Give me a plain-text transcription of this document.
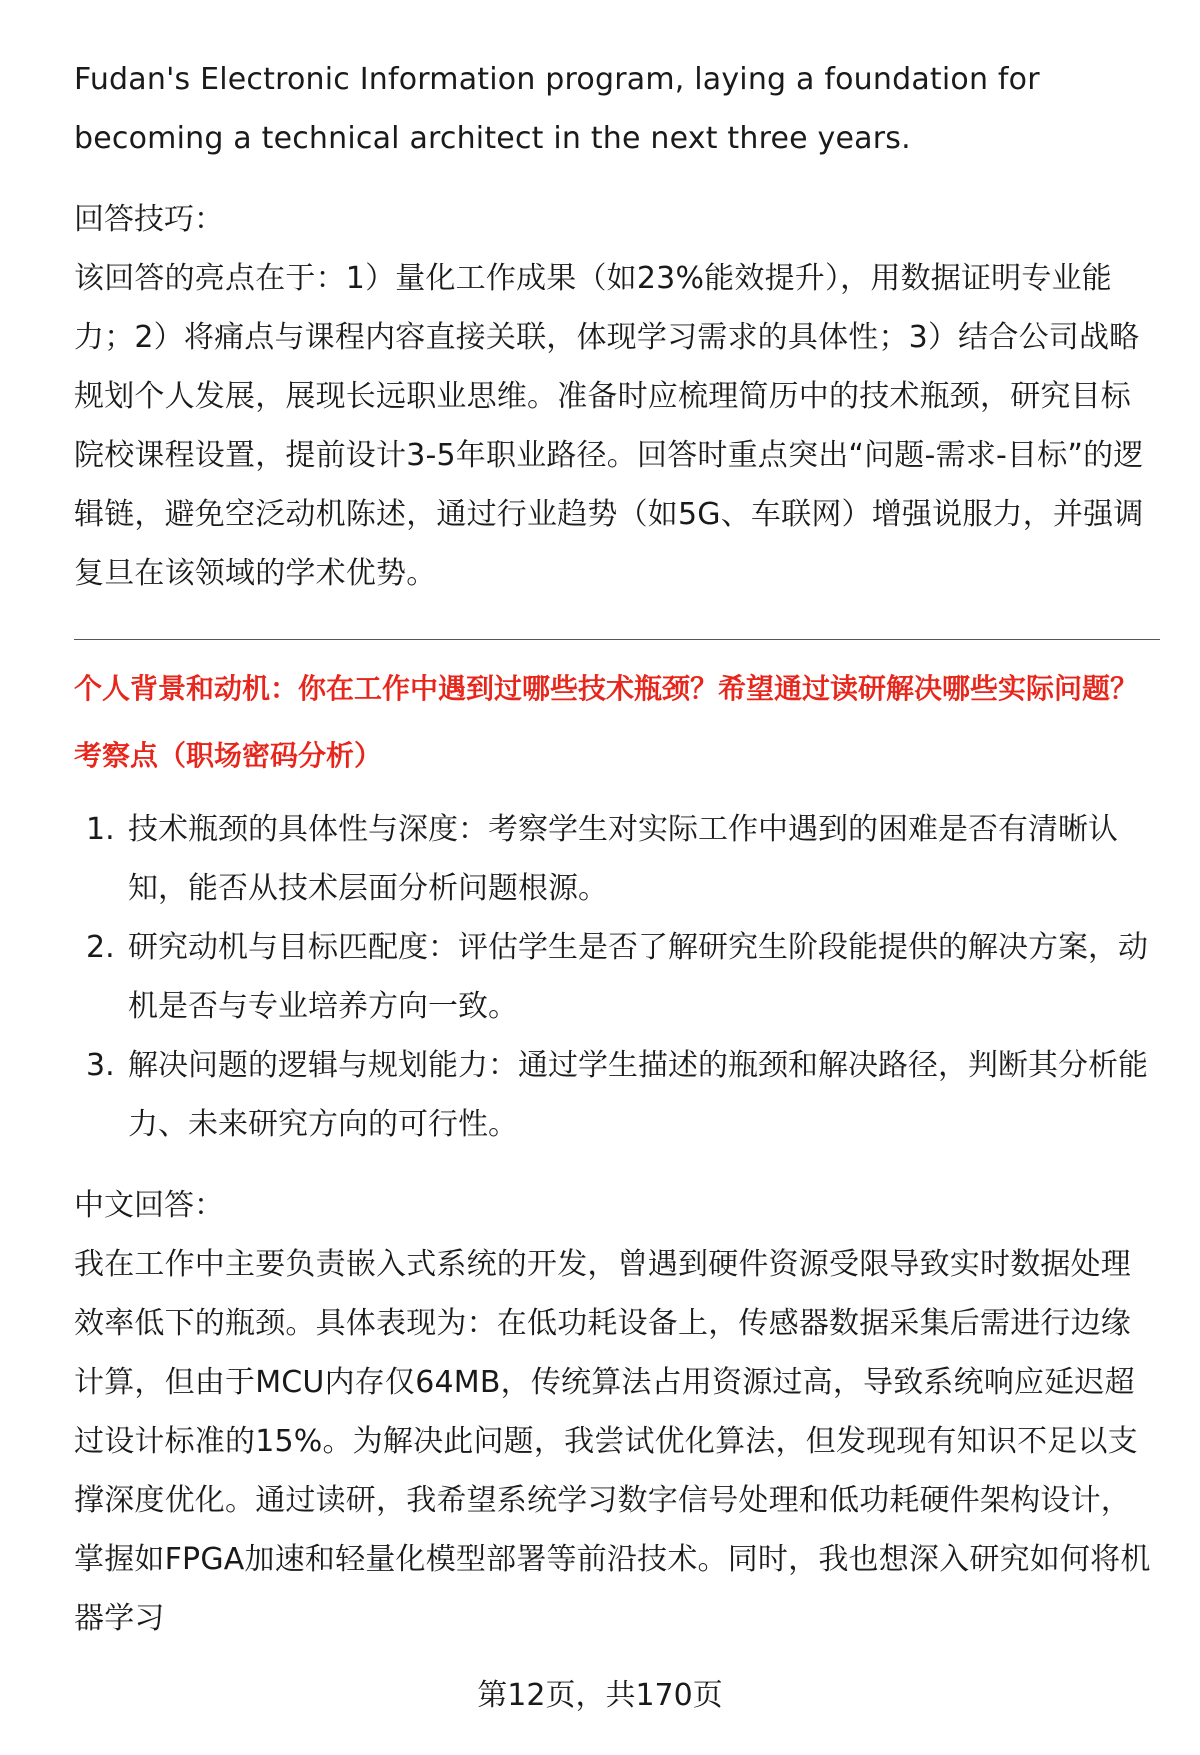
Fudan's Electronic Information program, laying a foundation for becoming a technical architect in the next three years.

回答技巧：

该回答的亮点在于：1）量化工作成果（如23%能效提升），用数据证明专业能力；2）将痛点与课程内容直接关联，体现学习需求的具体性；3）结合公司战略规划个人发展，展现长远职业思维。准备时应梳理简历中的技术瓶颈，研究目标院校课程设置，提前设计3-5年职业路径。回答时重点突出“问题-需求-目标”的逻辑链，避免空泛动机陈述，通过行业趋势（如5G、车联网）增强说服力，并强调复旦在该领域的学术优势。

个人背景和动机：你在工作中遇到过哪些技术瓶颈？希望通过读研解决哪些实际问题？

考察点（职场密码分析）

1. 技术瓶颈的具体性与深度：考察学生对实际工作中遇到的困难是否有清晰认知，能否从技术层面分析问题根源。
2. 研究动机与目标匹配度：评估学生是否了解研究生阶段能提供的解决方案，动机是否与专业培养方向一致。
3. 解决问题的逻辑与规划能力：通过学生描述的瓶颈和解决路径，判断其分析能力、未来研究方向的可行性。

中文回答：

我在工作中主要负责嵌入式系统的开发，曾遇到硬件资源受限导致实时数据处理效率低下的瓶颈。具体表现为：在低功耗设备上，传感器数据采集后需进行边缘计算，但由于MCU内存仅64MB，传统算法占用资源过高，导致系统响应延迟超过设计标准的15%。为解决此问题，我尝试优化算法，但发现现有知识不足以支撑深度优化。通过读研，我希望系统学习数字信号处理和低功耗硬件架构设计，掌握如FPGA加速和轻量化模型部署等前沿技术。同时，我也想深入研究如何将机器学习

第12页，共170页
